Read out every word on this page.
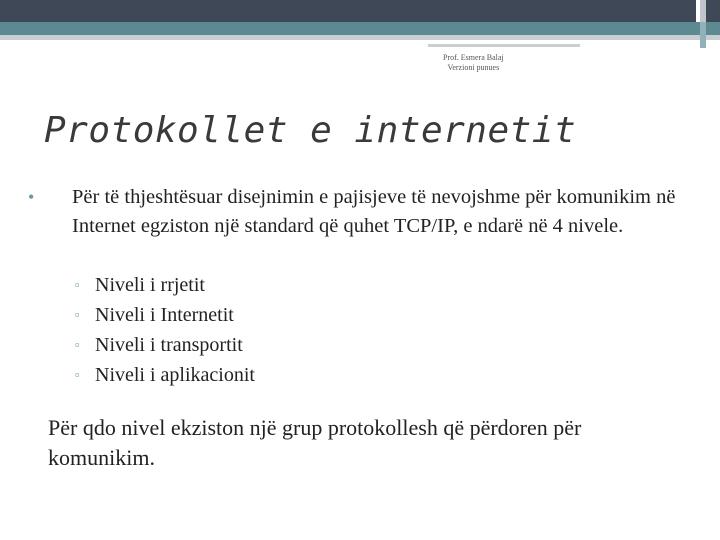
Prof. Esmera Balaj
Verzioni punues
Protokollet e internetit
• Për të thjeshtësuar disejnimin e pajisjeve të nevojshme për komunikim në Internet egziston një standard që quhet TCP/IP, e ndarë në 4 nivele.
▫ Niveli i rrjetit
▫ Niveli i Internetit
▫ Niveli i transportit
▫ Niveli i aplikacionit
Për qdo nivel ekziston një grup protokollesh që përdoren për komunikim.
